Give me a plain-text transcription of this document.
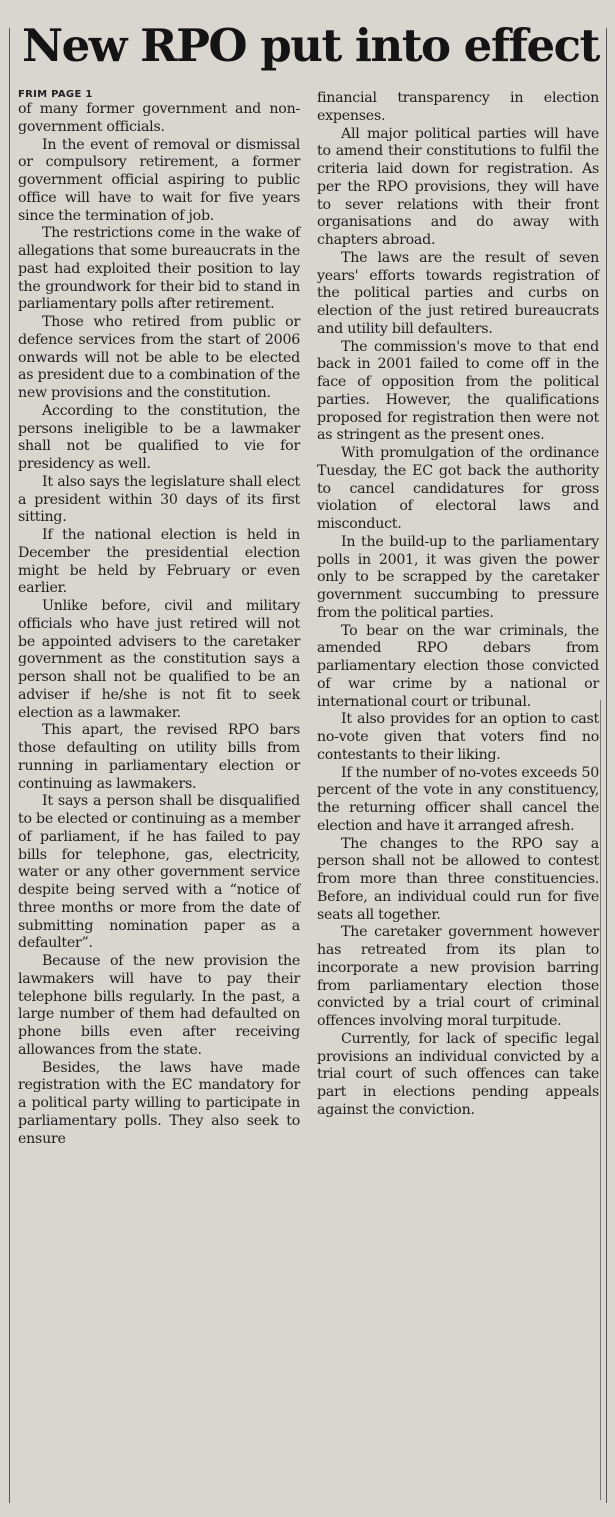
New RPO put into effect
FRIM PAGE 1

of many former government and non-government officials.

In the event of removal or dismissal or compulsory retirement, a former government official aspiring to public office will have to wait for five years since the termination of job.

The restrictions come in the wake of allegations that some bureaucrats in the past had exploited their position to lay the groundwork for their bid to stand in parliamentary polls after retirement.

Those who retired from public or defence services from the start of 2006 onwards will not be able to be elected as president due to a combination of the new provisions and the constitution.

According to the constitution, the persons ineligible to be a lawmaker shall not be qualified to vie for presidency as well.

It also says the legislature shall elect a president within 30 days of its first sitting.

If the national election is held in December the presidential election might be held by February or even earlier.

Unlike before, civil and military officials who have just retired will not be appointed advisers to the caretaker government as the constitution says a person shall not be qualified to be an adviser if he/she is not fit to seek election as a lawmaker.

This apart, the revised RPO bars those defaulting on utility bills from running in parliamentary election or continuing as lawmakers.

It says a person shall be disqualified to be elected or continuing as a member of parliament, if he has failed to pay bills for telephone, gas, electricity, water or any other government service despite being served with a “notice of three months or more from the date of submitting nomination paper as a defaulter”.

Because of the new provision the lawmakers will have to pay their telephone bills regularly. In the past, a large number of them had defaulted on phone bills even after receiving allowances from the state.

Besides, the laws have made registration with the EC mandatory for a political party willing to participate in parliamentary polls. They also seek to ensure

financial transparency in election expenses.

All major political parties will have to amend their constitutions to fulfil the criteria laid down for registration. As per the RPO provisions, they will have to sever relations with their front organisations and do away with chapters abroad.

The laws are the result of seven years' efforts towards registration of the political parties and curbs on election of the just retired bureaucrats and utility bill defaulters.

The commission's move to that end back in 2001 failed to come off in the face of opposition from the political parties. However, the qualifications proposed for registration then were not as stringent as the present ones.

With promulgation of the ordinance Tuesday, the EC got back the authority to cancel candidatures for gross violation of electoral laws and misconduct.

In the build-up to the parliamentary polls in 2001, it was given the power only to be scrapped by the caretaker government succumbing to pressure from the political parties.

To bear on the war criminals, the amended RPO debars from parliamentary election those convicted of war crime by a national or international court or tribunal.

It also provides for an option to cast no-vote given that voters find no contestants to their liking.

If the number of no-votes exceeds 50 percent of the vote in any constituency, the returning officer shall cancel the election and have it arranged afresh.

The changes to the RPO say a person shall not be allowed to contest from more than three constituencies. Before, an individual could run for five seats all together.

The caretaker government however has retreated from its plan to incorporate a new provision barring from parliamentary election those convicted by a trial court of criminal offences involving moral turpitude.

Currently, for lack of specific legal provisions an individual convicted by a trial court of such offences can take part in elections pending appeals against the conviction.
